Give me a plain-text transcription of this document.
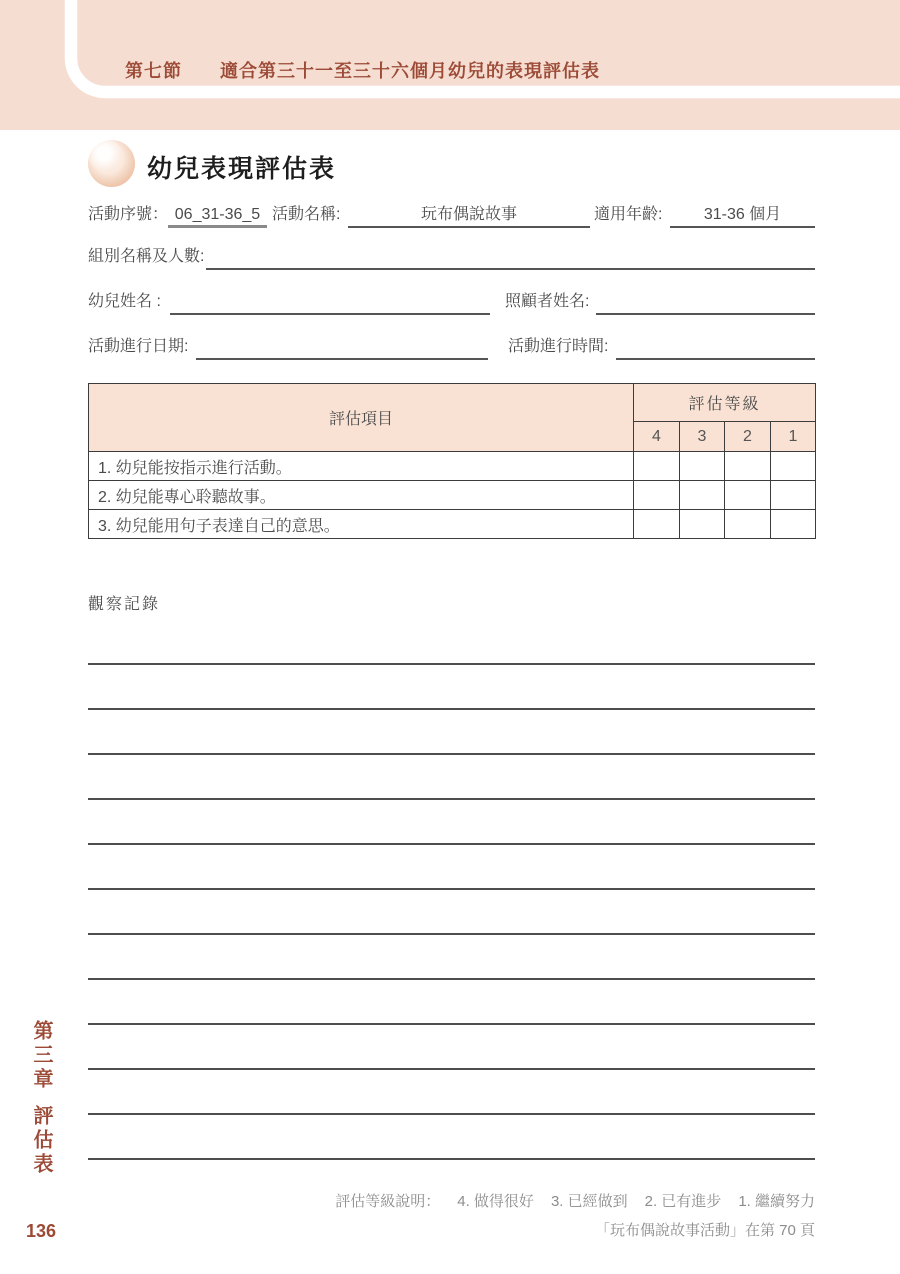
第七節 適合第三十一至三十六個月幼兒的表現評估表
幼兒表現評估表
活動序號： 06_31-36_5 活動名稱:	玩布偶說故事	適用年齡:	31-36 個月
組別名稱及人數:
幼兒姓名 :	照顧者姓名:
活動進行日期:	活動進行時間:
評估項目	評估等級			
	4	3	2	1
1. 幼兒能按指示進行活動。				
2. 幼兒能專心聆聽故事。				
3. 幼兒能用句子表達自己的意思。				
觀察記錄
第三章
評估表
136
評估等級說明： 4. 做得很好 3. 已經做到 2. 已有進步 1. 繼續努力
「玩布偶說故事活動」在第 70 頁
